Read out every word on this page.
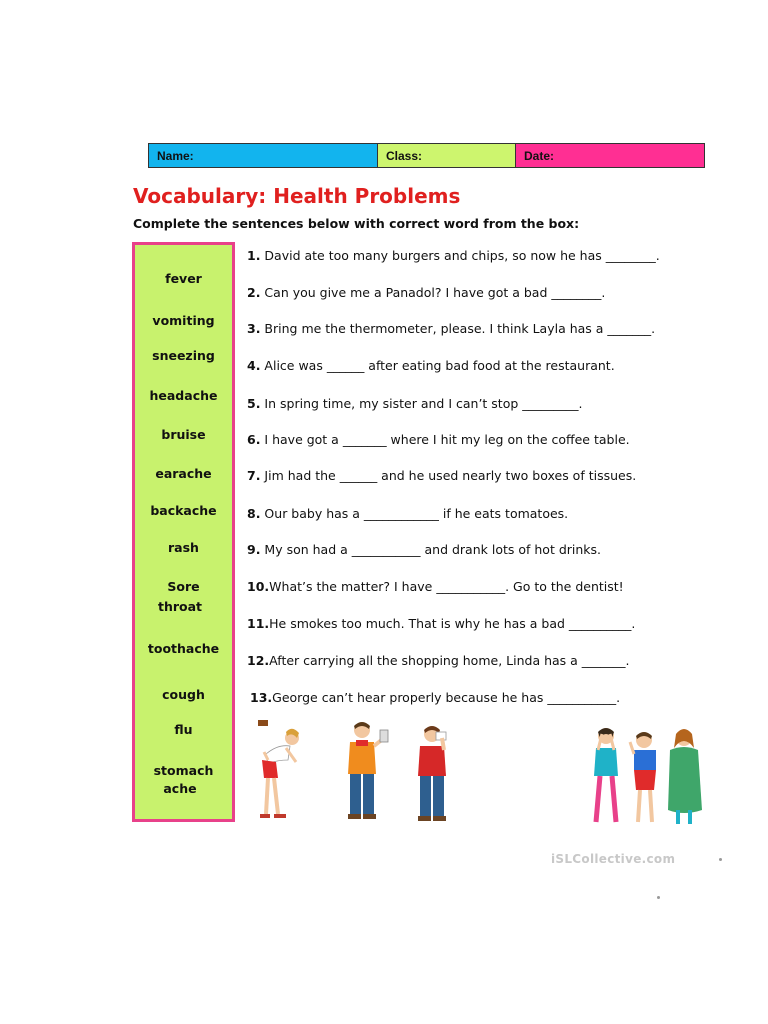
Name:	Class:	Date:
Vocabulary: Health Problems
Complete the sentences below with correct word from the box:
fever
vomiting
sneezing
headache
bruise
earache
backache
rash
Sore
throat
toothache
cough
flu
stomach
ache
1. David ate too many burgers and chips, so now he has ________.
2. Can you give me a Panadol? I have got a bad ________.
3. Bring me the thermometer, please. I think Layla has a _______.
4. Alice was ______ after eating bad food at the restaurant.
5. In spring time, my sister and I can’t stop _________.
6. I have got a _______ where I hit my leg on the coffee table.
7. Jim had the ______ and he used nearly two boxes of tissues.
8. Our baby has a ____________ if he eats tomatoes.
9. My son had a ___________ and drank lots of hot drinks.
10.What’s the matter? I have ___________. Go to the dentist!
11.He smokes too much. That is why he has a bad __________.
12.After carrying all the shopping home, Linda has a _______.
13.George can’t hear properly because he has ___________.
iSLCollective.com
